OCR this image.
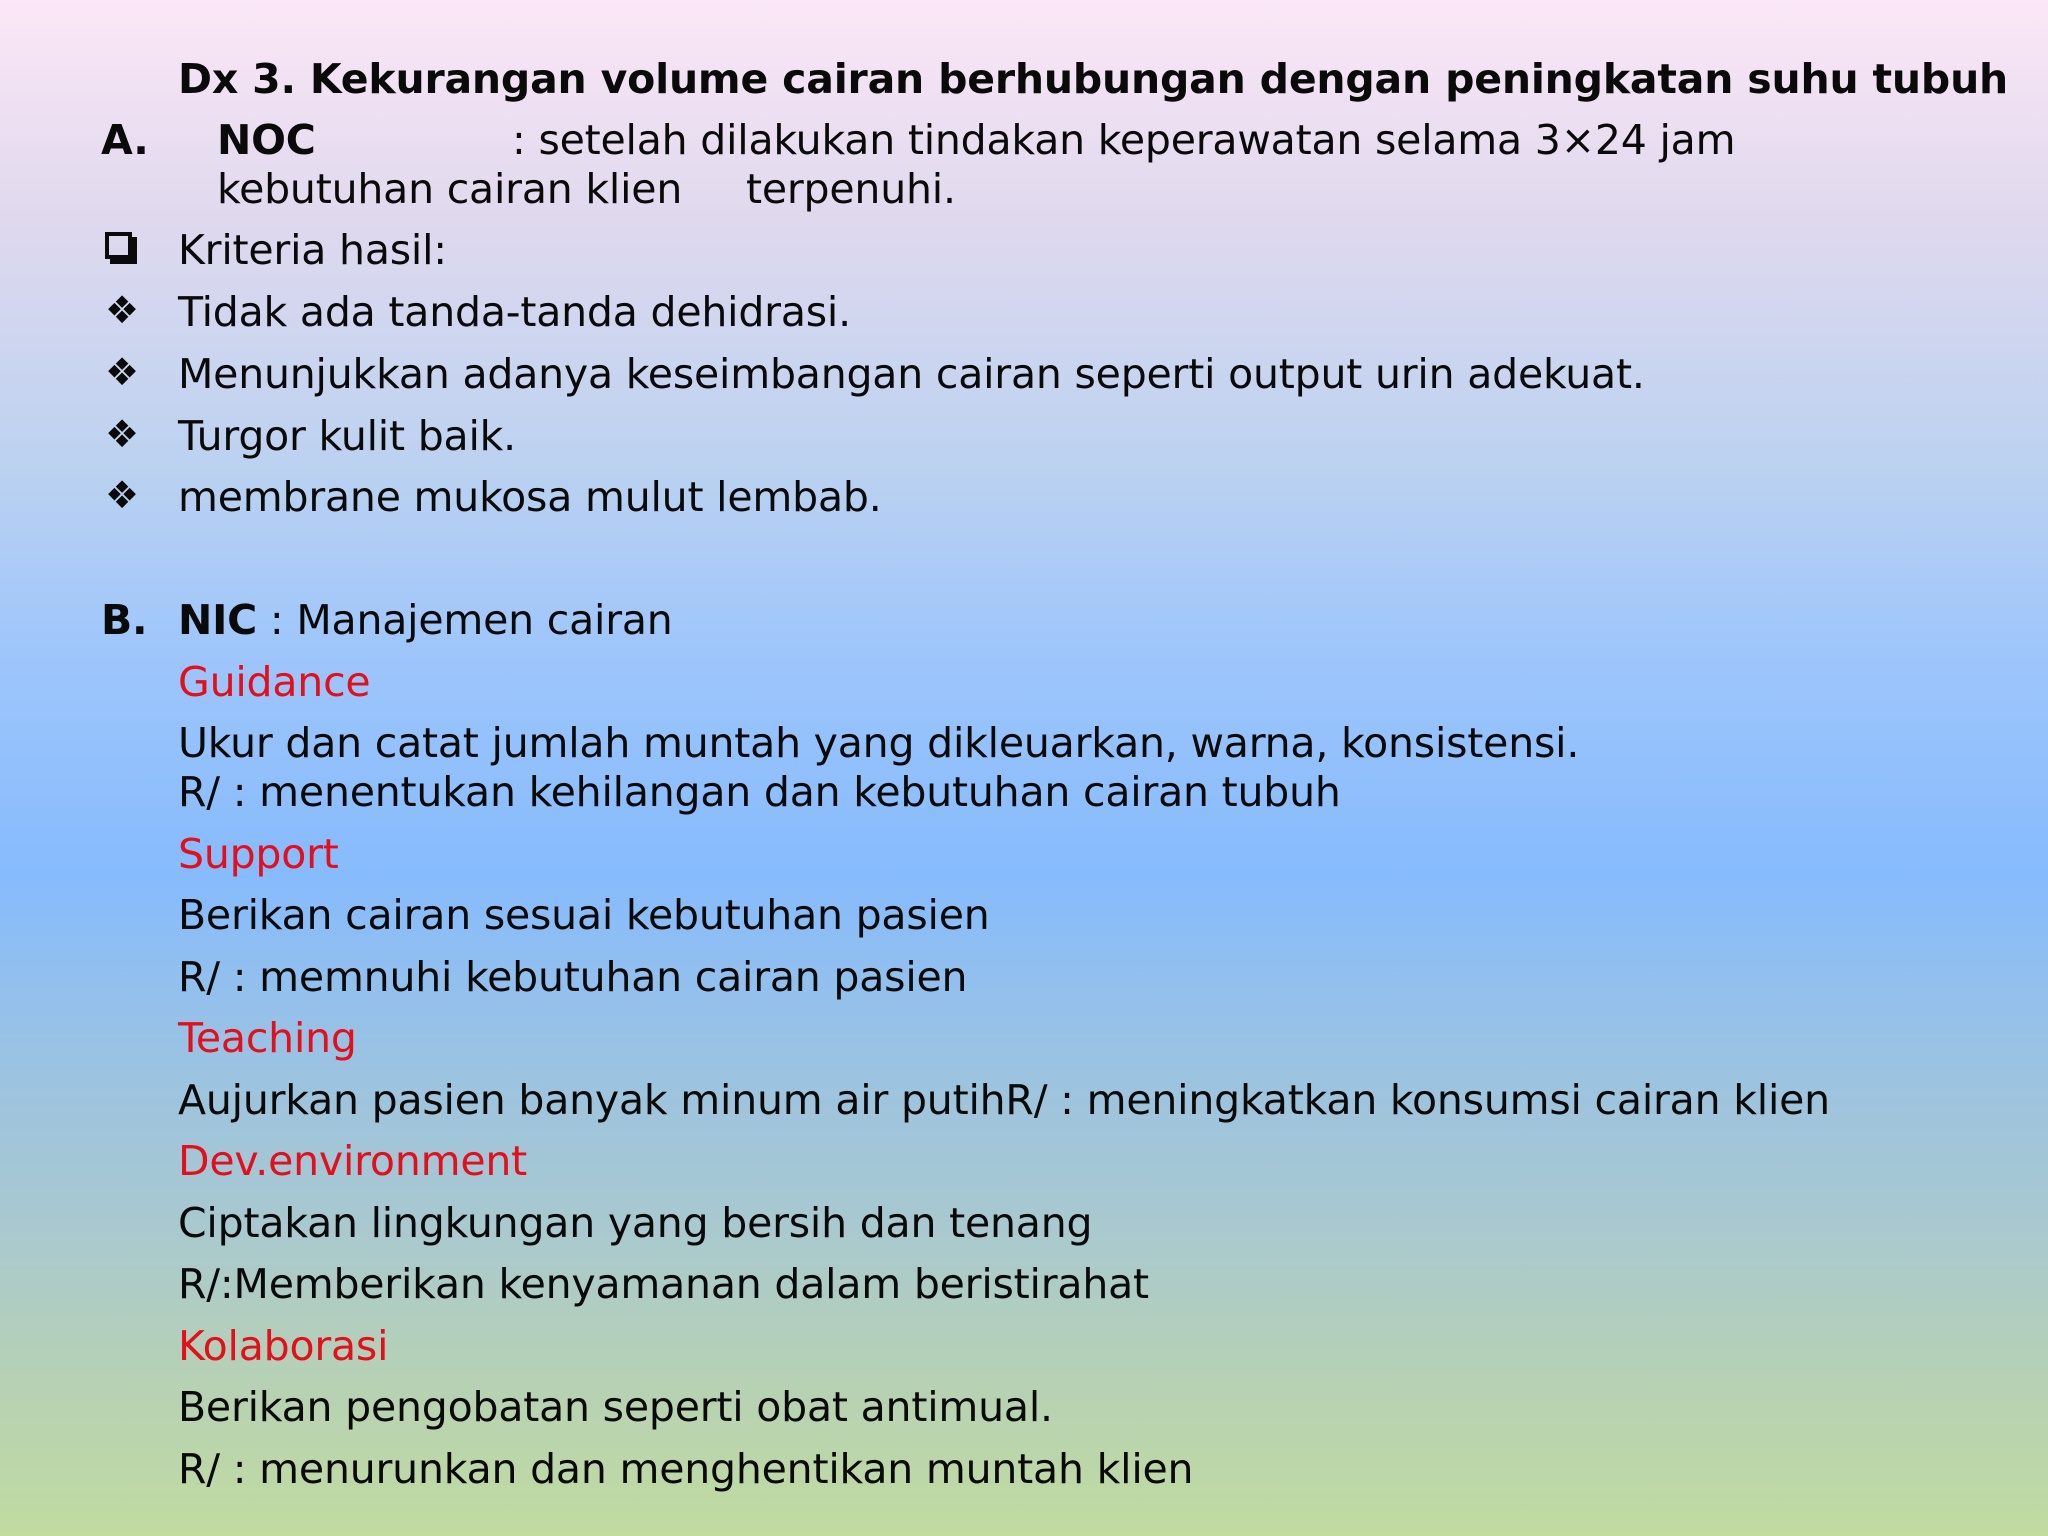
Dx 3. Kekurangan volume cairan berhubungan dengan peningkatan suhu tubuh
A. NOC	: setelah dilakukan tindakan keperawatan selama 3×24 jam
kebutuhan cairan klien terpenuhi.
Kriteria hasil:
❖ Tidak ada tanda-tanda dehidrasi.
❖ Menunjukkan adanya keseimbangan cairan seperti output urin adekuat.
❖ Turgor kulit baik.
❖ membrane mukosa mulut lembab.
B. NIC : Manajemen cairan
Guidance
Ukur dan catat jumlah muntah yang dikleuarkan, warna, konsistensi.
R/ : menentukan kehilangan dan kebutuhan cairan tubuh
Support
Berikan cairan sesuai kebutuhan pasien
R/ : memnuhi kebutuhan cairan pasien
Teaching
Aujurkan pasien banyak minum air putihR/ : meningkatkan konsumsi cairan klien
Dev.environment
Ciptakan lingkungan yang bersih dan tenang
R/:Memberikan kenyamanan dalam beristirahat
Kolaborasi
Berikan pengobatan seperti obat antimual.
R/ : menurunkan dan menghentikan muntah klien
